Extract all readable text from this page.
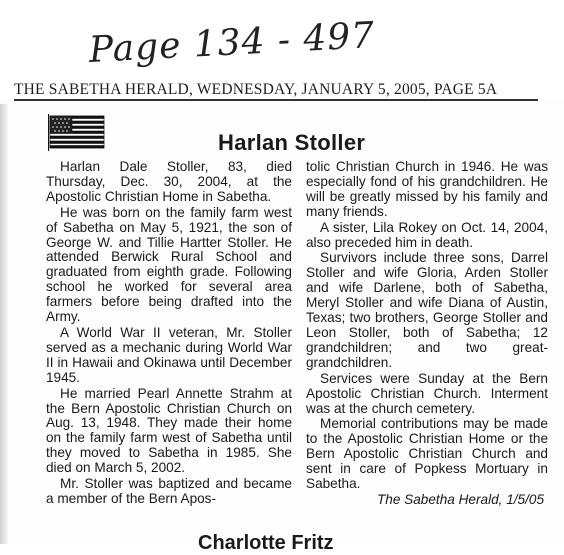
Page 134 - 497
THE SABETHA HERALD, WEDNESDAY, JANUARY 5, 2005, PAGE 5A
Harlan Stoller

Harlan Dale Stoller, 83, died Thursday, Dec. 30, 2004, at the Apostolic Christian Home in Sabetha.

He was born on the family farm west of Sabetha on May 5, 1921, the son of George W. and Tillie Hartter Stoller. He attended Berwick Rural School and graduated from eighth grade. Following school he worked for several area farmers before being drafted into the Army.

A World War II veteran, Mr. Stoller served as a mechanic during World War II in Hawaii and Okinawa until December 1945.

He married Pearl Annette Strahm at the Bern Apostolic Christian Church on Aug. 13, 1948. They made their home on the family farm west of Sabetha until they moved to Sabetha in 1985. She died on March 5, 2002.

Mr. Stoller was baptized and became a member of the Bern Apos-

tolic Christian Church in 1946. He was especially fond of his grandchildren. He will be greatly missed by his family and many friends.

A sister, Lila Rokey on Oct. 14, 2004, also preceded him in death.

Survivors include three sons, Darrel Stoller and wife Gloria, Arden Stoller and wife Darlene, both of Sabetha, Meryl Stoller and wife Diana of Austin, Texas; two brothers, George Stoller and Leon Stoller, both of Sabetha; 12 grandchildren; and two great-grandchildren.

Services were Sunday at the Bern Apostolic Christian Church. Interment was at the church cemetery.

Memorial contributions may be made to the Apostolic Christian Home or the Bern Apostolic Christian Church and sent in care of Popkess Mortuary in Sabetha.

The Sabetha Herald, 1/5/05

Charlotte Fritz
